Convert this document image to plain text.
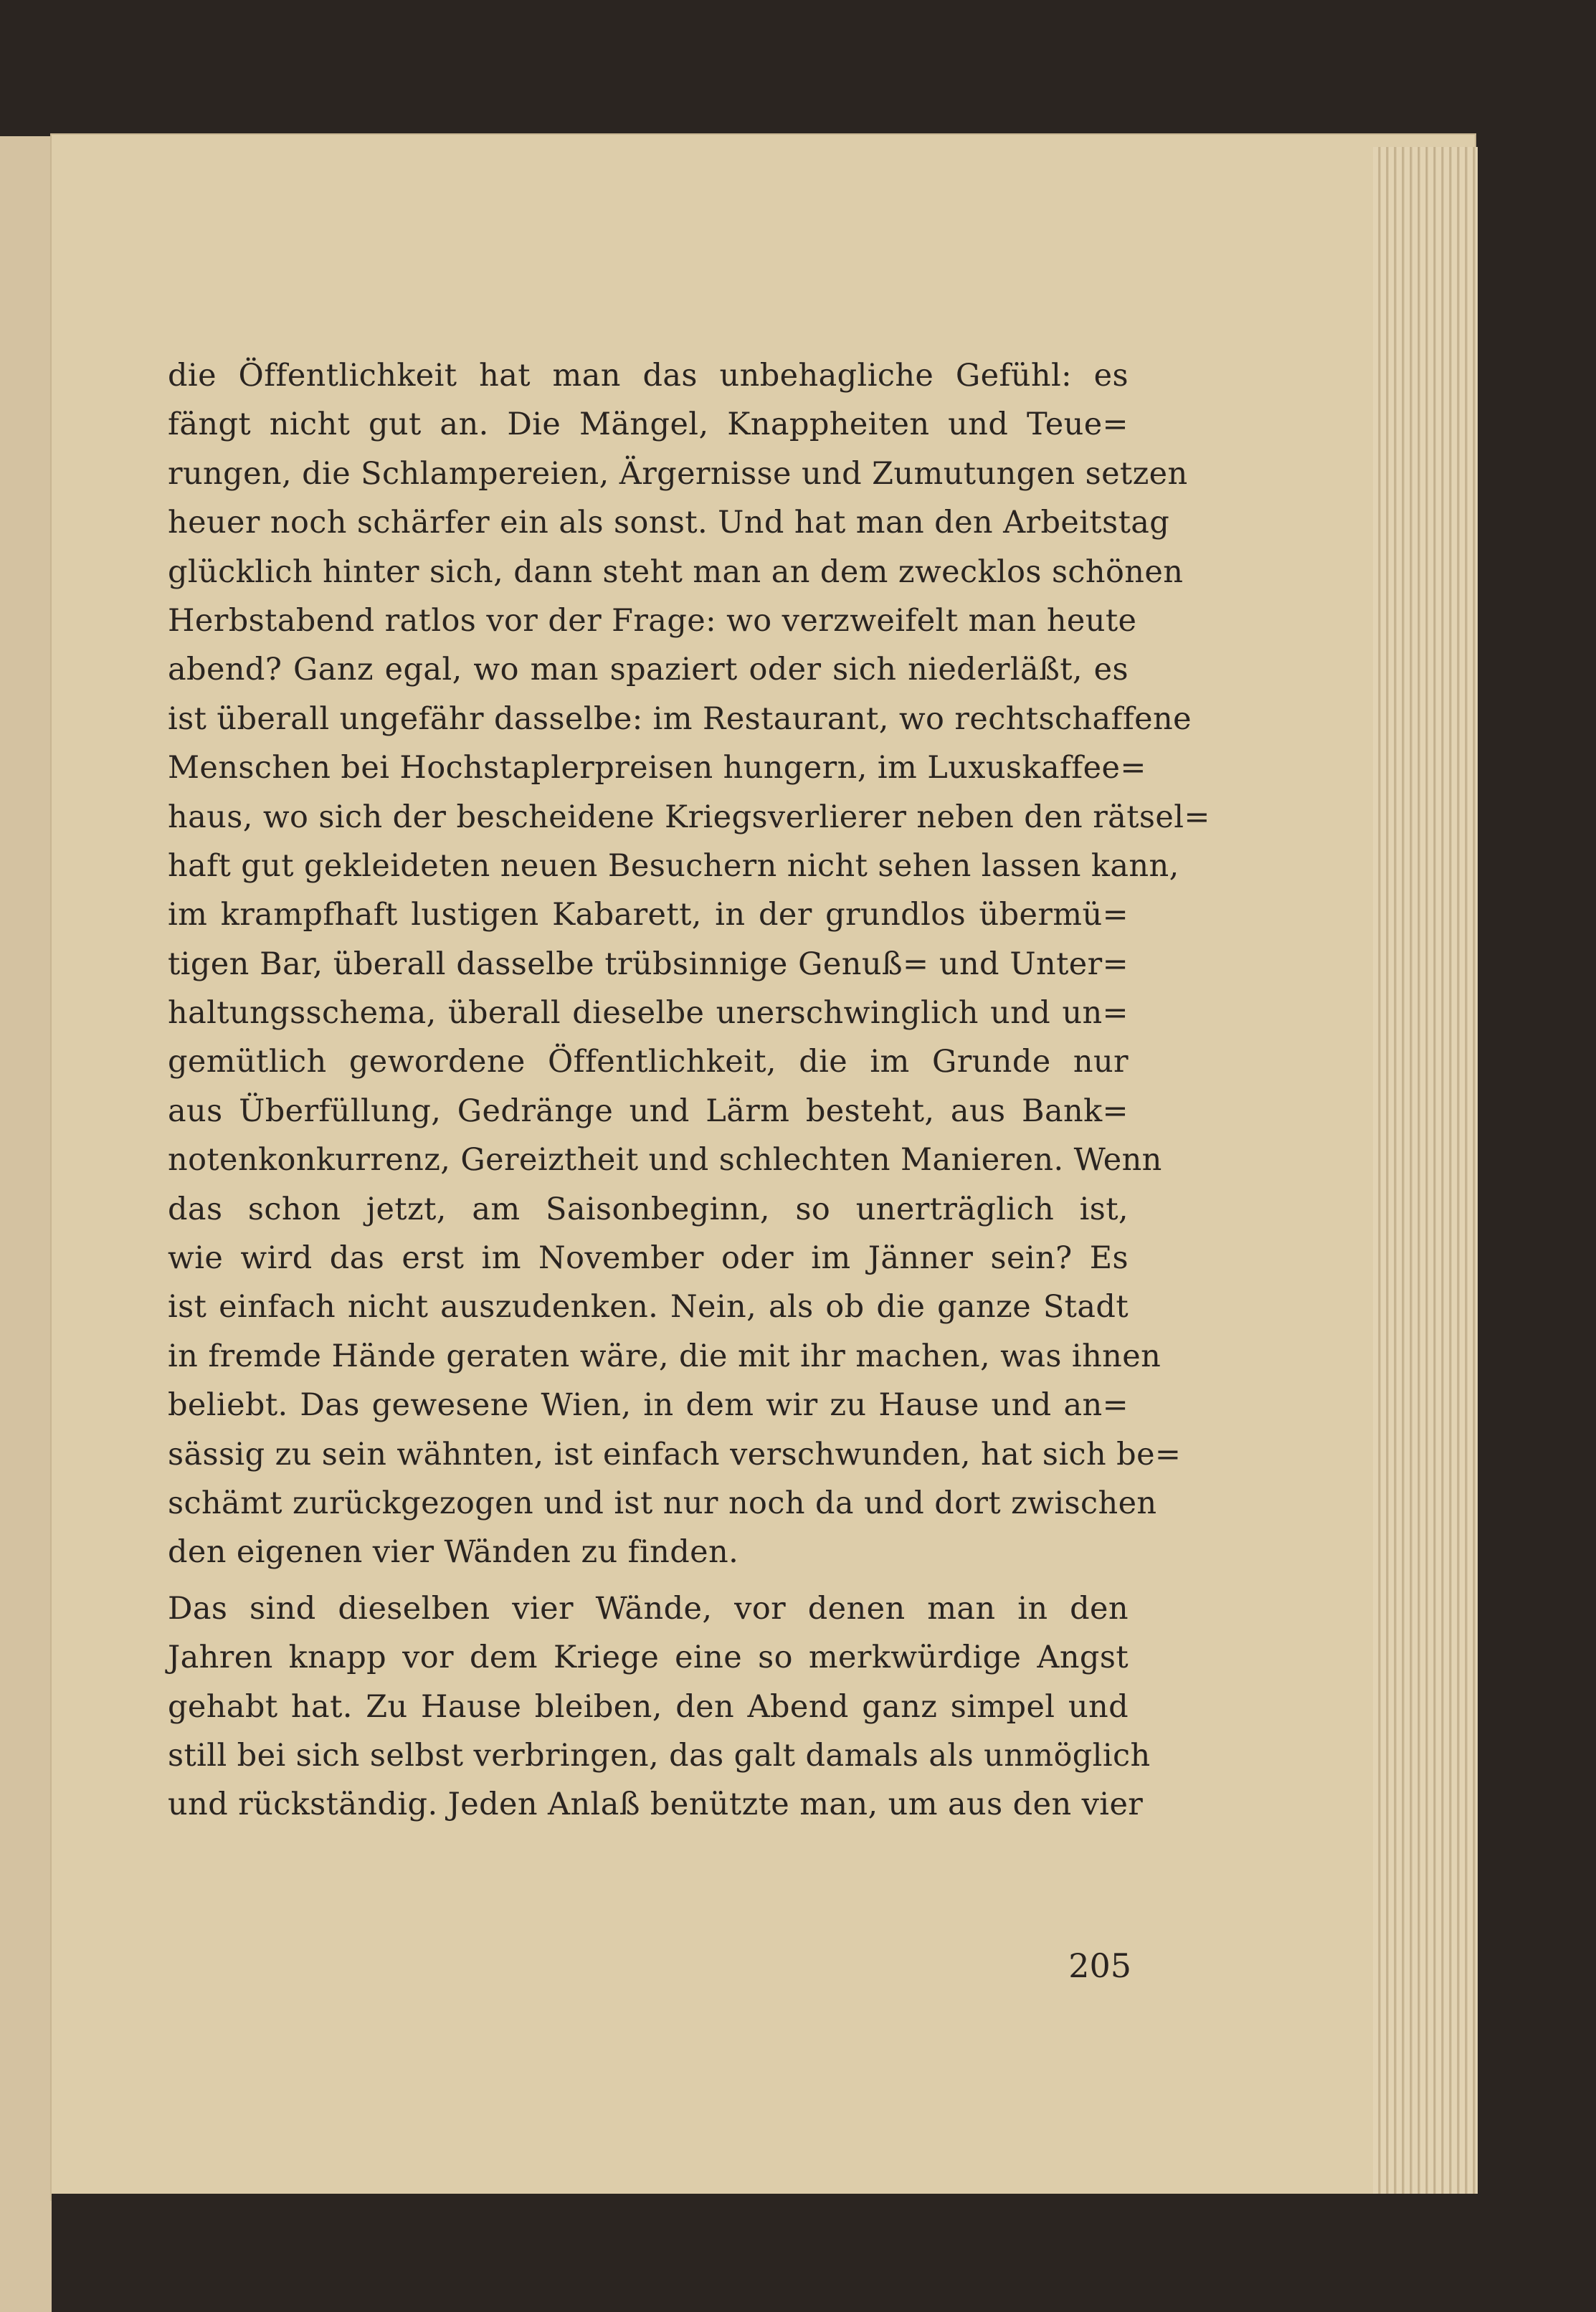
die Öffentlichkeit hat man das unbehagliche Gefühl: es
fängt nicht gut an. Die Mängel, Knappheiten und Teue=
rungen, die Schlampereien, Ärgernisse und Zumutungen setzen
heuer noch schärfer ein als sonst. Und hat man den Arbeitstag
glücklich hinter sich, dann steht man an dem zwecklos schönen
Herbstabend ratlos vor der Frage: wo verzweifelt man heute
abend? Ganz egal, wo man spaziert oder sich niederläßt, es
ist überall ungefähr dasselbe: im Restaurant, wo rechtschaffene
Menschen bei Hochstaplerpreisen hungern, im Luxuskaffee=
haus, wo sich der bescheidene Kriegsverlierer neben den rätsel=
haft gut gekleideten neuen Besuchern nicht sehen lassen kann,
im krampfhaft lustigen Kabarett, in der grundlos übermü=
tigen Bar, überall dasselbe trübsinnige Genuß= und Unter=
haltungsschema, überall dieselbe unerschwinglich und un=
gemütlich gewordene Öffentlichkeit, die im Grunde nur
aus Überfüllung, Gedränge und Lärm besteht, aus Bank=
notenkonkurrenz, Gereiztheit und schlechten Manieren. Wenn
das schon jetzt, am Saisonbeginn, so unerträglich ist,
wie wird das erst im November oder im Jänner sein? Es
ist einfach nicht auszudenken. Nein, als ob die ganze Stadt
in fremde Hände geraten wäre, die mit ihr machen, was ihnen
beliebt. Das gewesene Wien, in dem wir zu Hause und an=
sässig zu sein wähnten, ist einfach verschwunden, hat sich be=
schämt zurückgezogen und ist nur noch da und dort zwischen
den eigenen vier Wänden zu finden.
Das sind dieselben vier Wände, vor denen man in den
Jahren knapp vor dem Kriege eine so merkwürdige Angst
gehabt hat. Zu Hause bleiben, den Abend ganz simpel und
still bei sich selbst verbringen, das galt damals als unmöglich
und rückständig. Jeden Anlaß benützte man, um aus den vier
205
